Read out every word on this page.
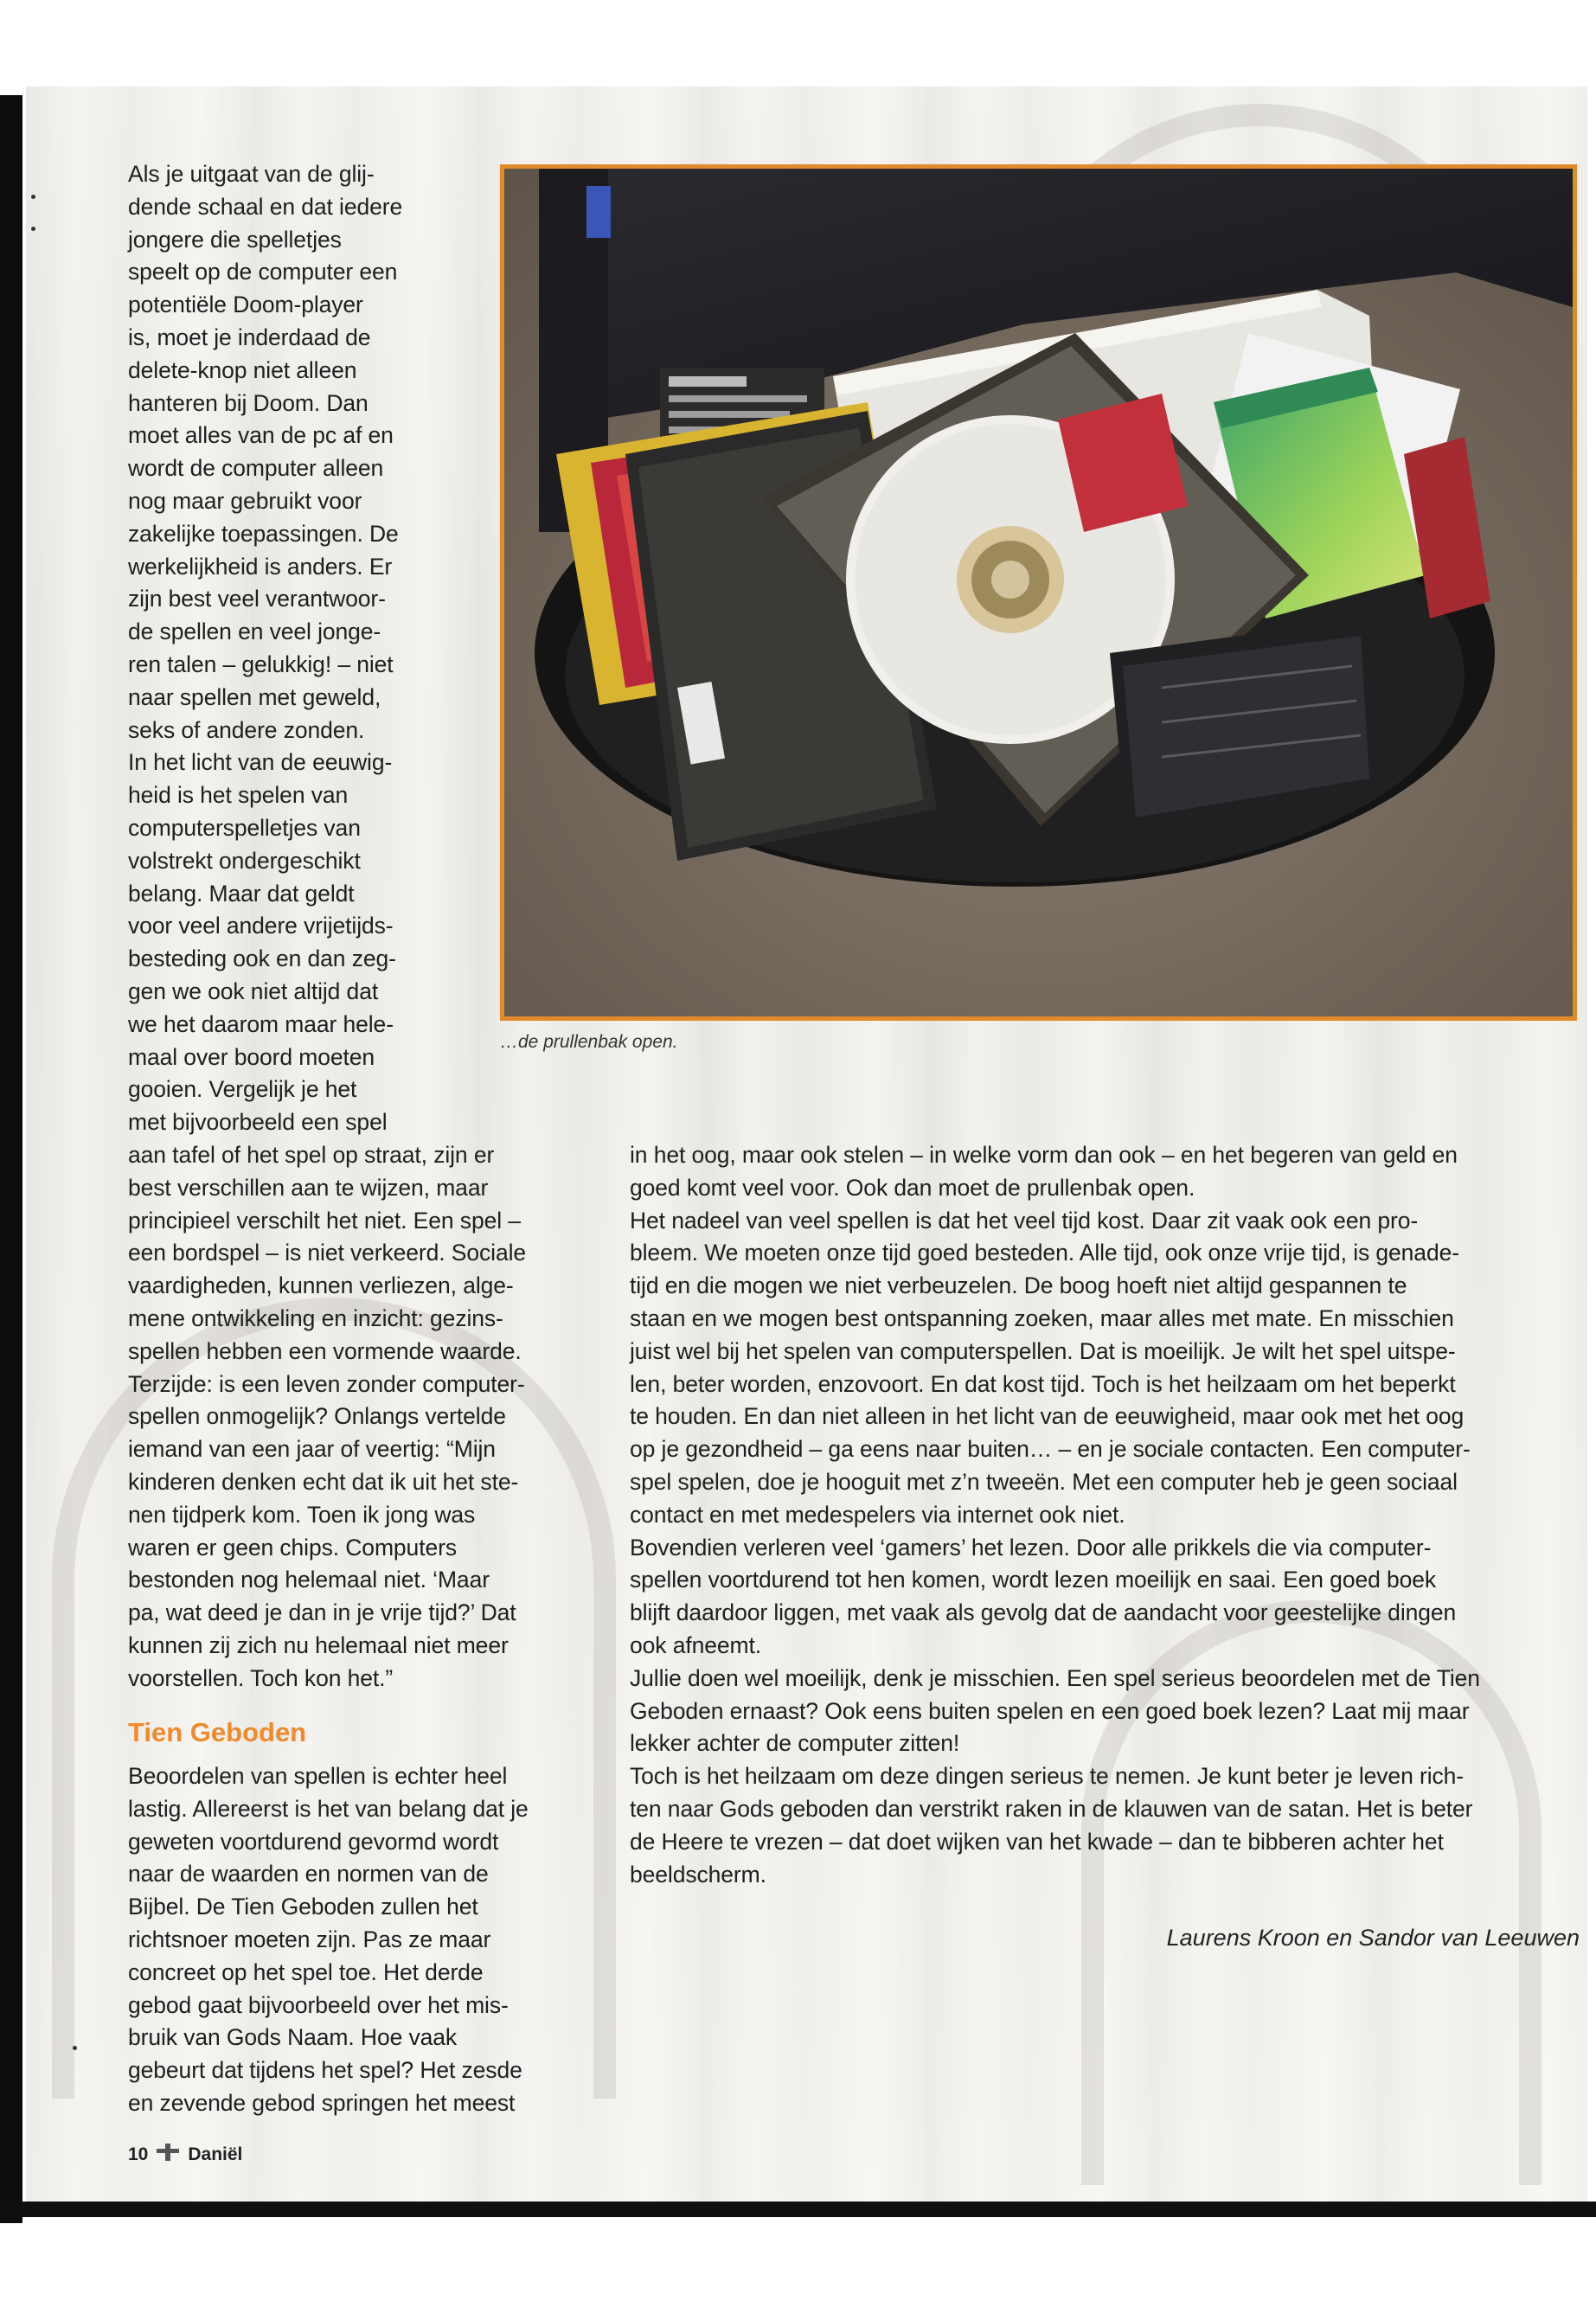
…de prullenbak open.
Als je uitgaat van de glij-
dende schaal en dat iedere
jongere die spelletjes
speelt op de computer een
potentiële Doom-player
is, moet je inderdaad de
delete-knop niet alleen
hanteren bij Doom. Dan
moet alles van de pc af en
wordt de computer alleen
nog maar gebruikt voor
zakelijke toepassingen. De
werkelijkheid is anders. Er
zijn best veel verantwoor-
de spellen en veel jonge-
ren talen – gelukkig! – niet
naar spellen met geweld,
seks of andere zonden.
In het licht van de eeuwig-
heid is het spelen van
computerspelletjes van
volstrekt ondergeschikt
belang. Maar dat geldt
voor veel andere vrijetijds-
besteding ook en dan zeg-
gen we ook niet altijd dat
we het daarom maar hele-
maal over boord moeten
gooien. Vergelijk je het
met bijvoorbeeld een spel
aan tafel of het spel op straat, zijn er
best verschillen aan te wijzen, maar
principieel verschilt het niet. Een spel –
een bordspel – is niet verkeerd. Sociale
vaardigheden, kunnen verliezen, alge-
mene ontwikkeling en inzicht: gezins-
spellen hebben een vormende waarde.
Terzijde: is een leven zonder computer-
spellen onmogelijk? Onlangs vertelde
iemand van een jaar of veertig: “Mijn
kinderen denken echt dat ik uit het ste-
nen tijdperk kom. Toen ik jong was
waren er geen chips. Computers
bestonden nog helemaal niet. ‘Maar
pa, wat deed je dan in je vrije tijd?’ Dat
kunnen zij zich nu helemaal niet meer
voorstellen. Toch kon het.”
Tien Geboden
Beoordelen van spellen is echter heel
lastig. Allereerst is het van belang dat je
geweten voortdurend gevormd wordt
naar de waarden en normen van de
Bijbel. De Tien Geboden zullen het
richtsnoer moeten zijn. Pas ze maar
concreet op het spel toe. Het derde
gebod gaat bijvoorbeeld over het mis-
bruik van Gods Naam. Hoe vaak
gebeurt dat tijdens het spel? Het zesde
en zevende gebod springen het meest
in het oog, maar ook stelen – in welke vorm dan ook – en het begeren van geld en
goed komt veel voor. Ook dan moet de prullenbak open.
Het nadeel van veel spellen is dat het veel tijd kost. Daar zit vaak ook een pro-
bleem. We moeten onze tijd goed besteden. Alle tijd, ook onze vrije tijd, is genade-
tijd en die mogen we niet verbeuzelen. De boog hoeft niet altijd gespannen te
staan en we mogen best ontspanning zoeken, maar alles met mate. En misschien
juist wel bij het spelen van computerspellen. Dat is moeilijk. Je wilt het spel uitspe-
len, beter worden, enzovoort. En dat kost tijd. Toch is het heilzaam om het beperkt
te houden. En dan niet alleen in het licht van de eeuwigheid, maar ook met het oog
op je gezondheid – ga eens naar buiten… – en je sociale contacten. Een computer-
spel spelen, doe je hooguit met z’n tweeën. Met een computer heb je geen sociaal
contact en met medespelers via internet ook niet.
Bovendien verleren veel ‘gamers’ het lezen. Door alle prikkels die via computer-
spellen voortdurend tot hen komen, wordt lezen moeilijk en saai. Een goed boek
blijft daardoor liggen, met vaak als gevolg dat de aandacht voor geestelijke dingen
ook afneemt.
Jullie doen wel moeilijk, denk je misschien. Een spel serieus beoordelen met de Tien
Geboden ernaast? Ook eens buiten spelen en een goed boek lezen? Laat mij maar
lekker achter de computer zitten!
Toch is het heilzaam om deze dingen serieus te nemen. Je kunt beter je leven rich-
ten naar Gods geboden dan verstrikt raken in de klauwen van de satan. Het is beter
de Heere te vrezen – dat doet wijken van het kwade – dan te bibberen achter het
beeldscherm.
Laurens Kroon en Sandor van Leeuwen
10 Daniël
